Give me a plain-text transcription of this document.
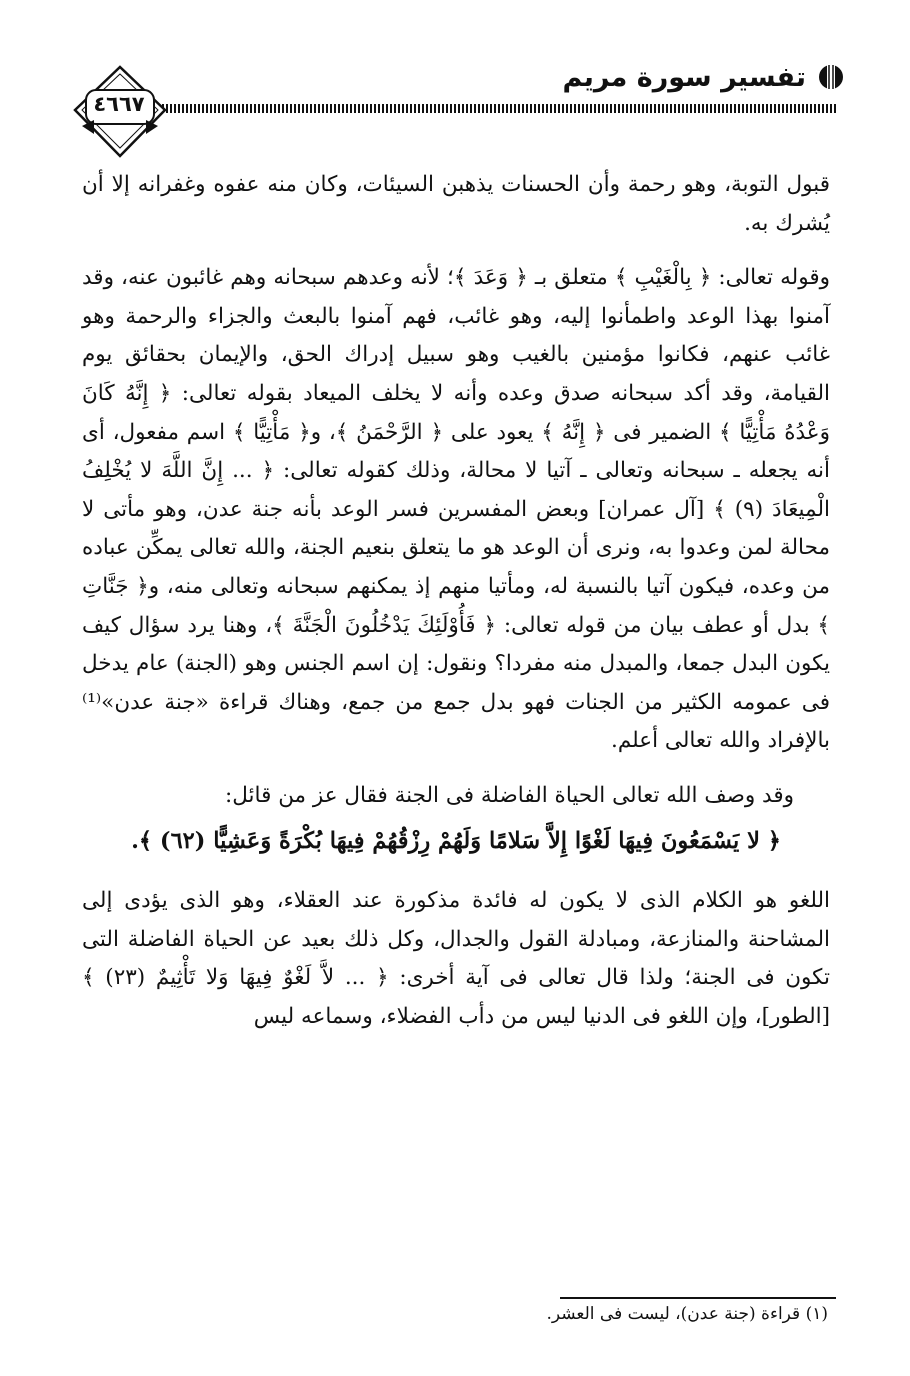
تفسير سورة مريم
٤٦٦٧

قبول التوبة، وهو رحمة وأن الحسنات يذهبن السيئات، وكان منه عفوه وغفرانه إلا أن يُشرك به.

وقوله تعالى: ﴿ بِالْغَيْبِ ﴾ متعلق بـ ﴿ وَعَدَ ﴾؛ لأنه وعدهم سبحانه وهم غائبون عنه، وقد آمنوا بهذا الوعد واطمأنوا إليه، وهو غائب، فهم آمنوا بالبعث والجزاء والرحمة وهو غائب عنهم، فكانوا مؤمنين بالغيب وهو سبيل إدراك الحق، والإيمان بحقائق يوم القيامة، وقد أكد سبحانه صدق وعده وأنه لا يخلف الميعاد بقوله تعالى: ﴿ إِنَّهُ كَانَ وَعْدُهُ مَأْتِيًّا ﴾ الضمير فى ﴿ إِنَّهُ ﴾ يعود على ﴿ الرَّحْمَنُ ﴾، و﴿ مَأْتِيًّا ﴾ اسم مفعول، أى أنه يجعله ـ سبحانه وتعالى ـ آتيا لا محالة، وذلك كقوله تعالى: ﴿ ... إِنَّ اللَّهَ لا يُخْلِفُ الْمِيعَادَ (٩) ﴾ [آل عمران] وبعض المفسرين فسر الوعد بأنه جنة عدن، وهو مأتى لا محالة لمن وعدوا به، ونرى أن الوعد هو ما يتعلق بنعيم الجنة، والله تعالى يمكِّن عباده من وعده، فيكون آتيا بالنسبة له، ومأتيا منهم إذ يمكنهم سبحانه وتعالى منه، و﴿ جَنَّاتِ ﴾ بدل أو عطف بيان من قوله تعالى: ﴿ فَأُوْلَئِكَ يَدْخُلُونَ الْجَنَّةَ ﴾، وهنا يرد سؤال كيف يكون البدل جمعا، والمبدل منه مفردا؟ ونقول: إن اسم الجنس وهو (الجنة) عام يدخل فى عمومه الكثير من الجنات فهو بدل جمع من جمع، وهناك قراءة «جنة عدن»⁽¹⁾ بالإفراد والله تعالى أعلم.

وقد وصف الله تعالى الحياة الفاضلة فى الجنة فقال عز من قائل:

﴿ لا يَسْمَعُونَ فِيهَا لَغْوًا إِلاَّ سَلامًا وَلَهُمْ رِزْقُهُمْ فِيهَا بُكْرَةً وَعَشِيًّا (٦٢) ﴾.

اللغو هو الكلام الذى لا يكون له فائدة مذكورة عند العقلاء، وهو الذى يؤدى إلى المشاحنة والمنازعة، ومبادلة القول والجدال، وكل ذلك بعيد عن الحياة الفاضلة التى تكون فى الجنة؛ ولذا قال تعالى فى آية أخرى: ﴿ ... لاَّ لَغْوٌ فِيهَا وَلا تَأْثِيمٌ (٢٣) ﴾ [الطور]، وإن اللغو فى الدنيا ليس من دأب الفضلاء، وسماعه ليس

(١) قراءة (جنة عدن)، ليست فى العشر.
